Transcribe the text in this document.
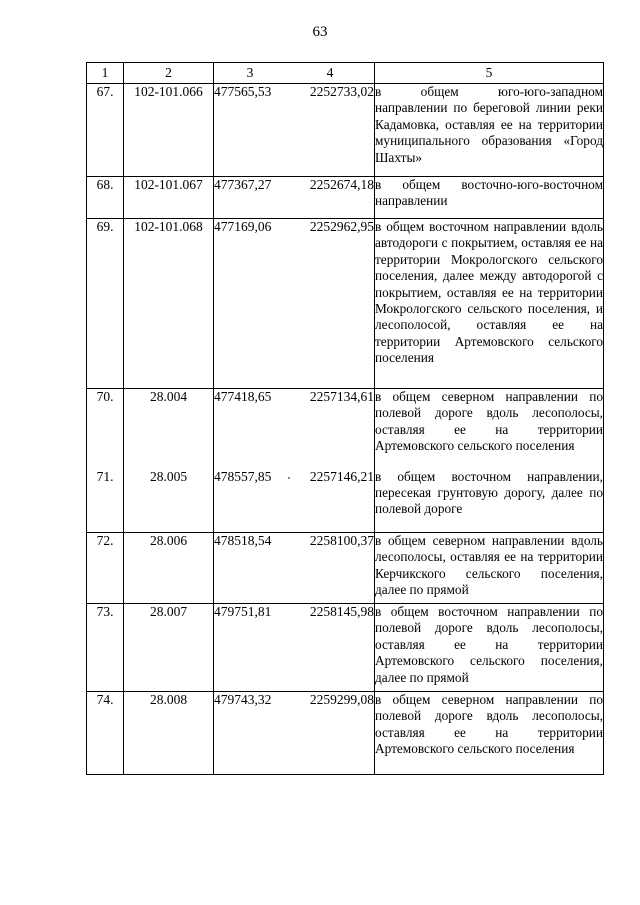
63
1	2	3 4	5
67.	102-101.066	477565,53 2252733,02	в общем юго-юго-западном направлении по береговой линии реки Кадамовка, оставляя ее на территории муниципального образования «Город Шахты»
68.	102-101.067	477367,27 2252674,18	в общем восточно-юго-восточном направлении
69.	102-101.068	477169,06 2252962,95	в общем восточном направлении вдоль автодороги с покрытием, оставляя ее на территории Мокрологского сельского поселения, далее между автодорогой с покрытием, оставляя ее на территории Мокрологского сельского поселения, и лесополосой, оставляя ее на территории Артемовского сельского поселения
70.	28.004	477418,65 2257134,61	в общем северном направлении по полевой дороге вдоль лесополосы, оставляя ее на территории Артемовского сельского поселения
71.	28.005	478557,85 2257146,21	в общем восточном направлении, пересекая грунтовую дорогу, далее по полевой дороге
72.	28.006	478518,54 2258100,37	в общем северном направлении вдоль лесополосы, оставляя ее на территории Керчикского сельского поселения, далее по прямой
73.	28.007	479751,81 2258145,98	в общем восточном направлении по полевой дороге вдоль лесополосы, оставляя ее на территории Артемовского сельского поселения, далее по прямой
74.	28.008	479743,32 2259299,08	в общем северном направлении по полевой дороге вдоль лесополосы, оставляя ее на территории Артемовского сельского поселения
